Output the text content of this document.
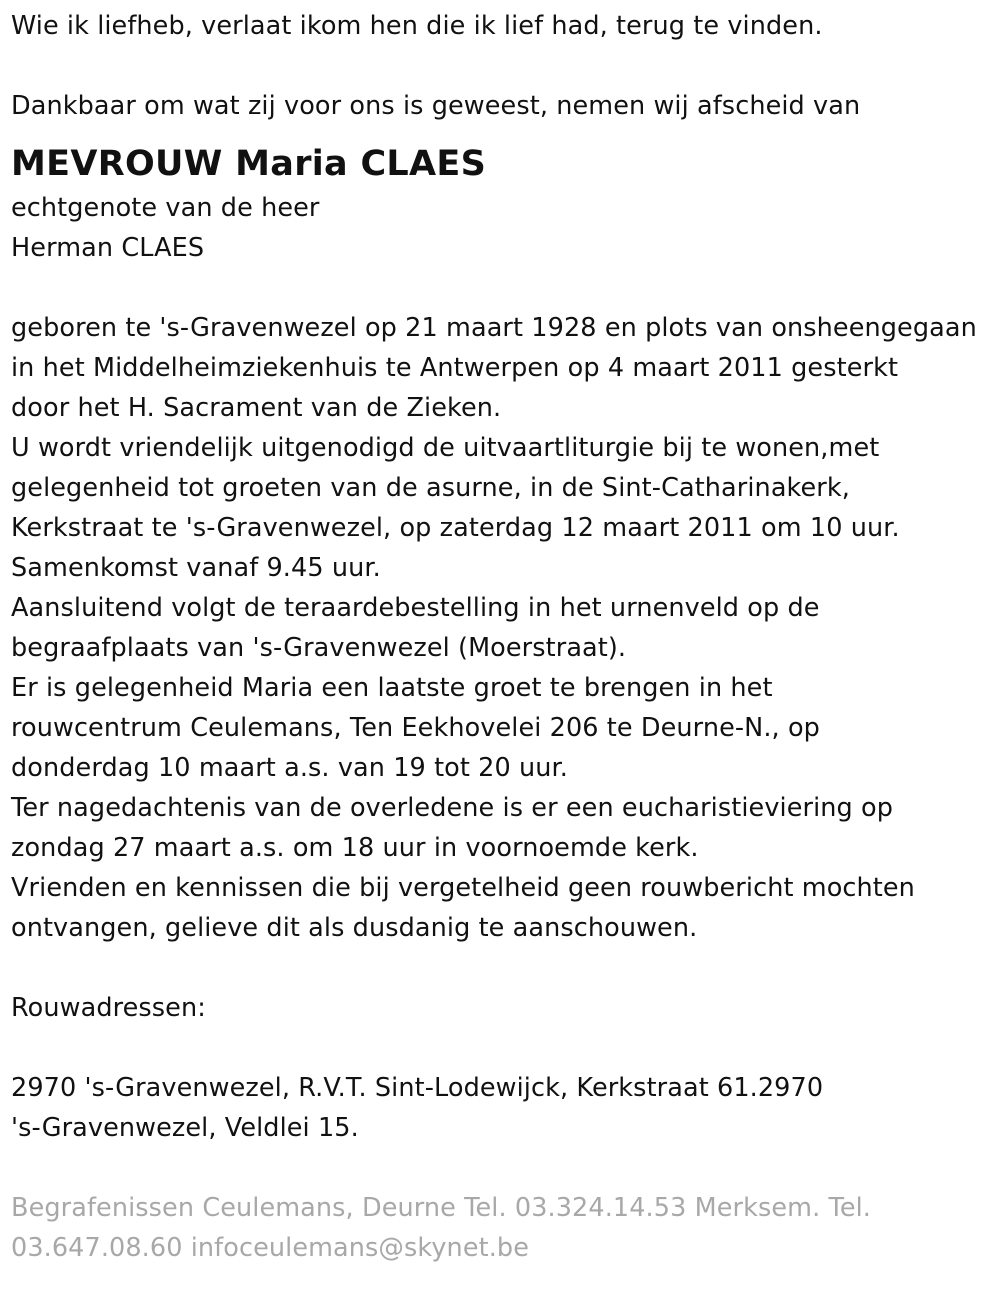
Wie ik liefheb, verlaat ikom hen die ik lief had, terug te vinden.
Dankbaar om wat zij voor ons is geweest, nemen wij afscheid van
MEVROUW Maria CLAES
echtgenote van de heer
Herman CLAES
geboren te 's-Gravenwezel op 21 maart 1928 en plots van onsheengegaan
in het Middelheimziekenhuis te Antwerpen op 4 maart 2011 gesterkt
door het H. Sacrament van de Zieken.
U wordt vriendelijk uitgenodigd de uitvaartliturgie bij te wonen,met
gelegenheid tot groeten van de asurne, in de Sint-Catharinakerk,
Kerkstraat te 's-Gravenwezel, op zaterdag 12 maart 2011 om 10 uur.
Samenkomst vanaf 9.45 uur.
Aansluitend volgt de teraardebestelling in het urnenveld op de
begraafplaats van 's-Gravenwezel (Moerstraat).
Er is gelegenheid Maria een laatste groet te brengen in het
rouwcentrum Ceulemans, Ten Eekhovelei 206 te Deurne-N., op
donderdag 10 maart a.s. van 19 tot 20 uur.
Ter nagedachtenis van de overledene is er een eucharistieviering op
zondag 27 maart a.s. om 18 uur in voornoemde kerk.
Vrienden en kennissen die bij vergetelheid geen rouwbericht mochten
ontvangen, gelieve dit als dusdanig te aanschouwen.
Rouwadressen:
2970 's-Gravenwezel, R.V.T. Sint-Lodewijck, Kerkstraat 61.2970
's-Gravenwezel, Veldlei 15.
Begrafenissen Ceulemans, Deurne Tel. 03.324.14.53 Merksem. Tel.
03.647.08.60 infoceulemans@skynet.be
